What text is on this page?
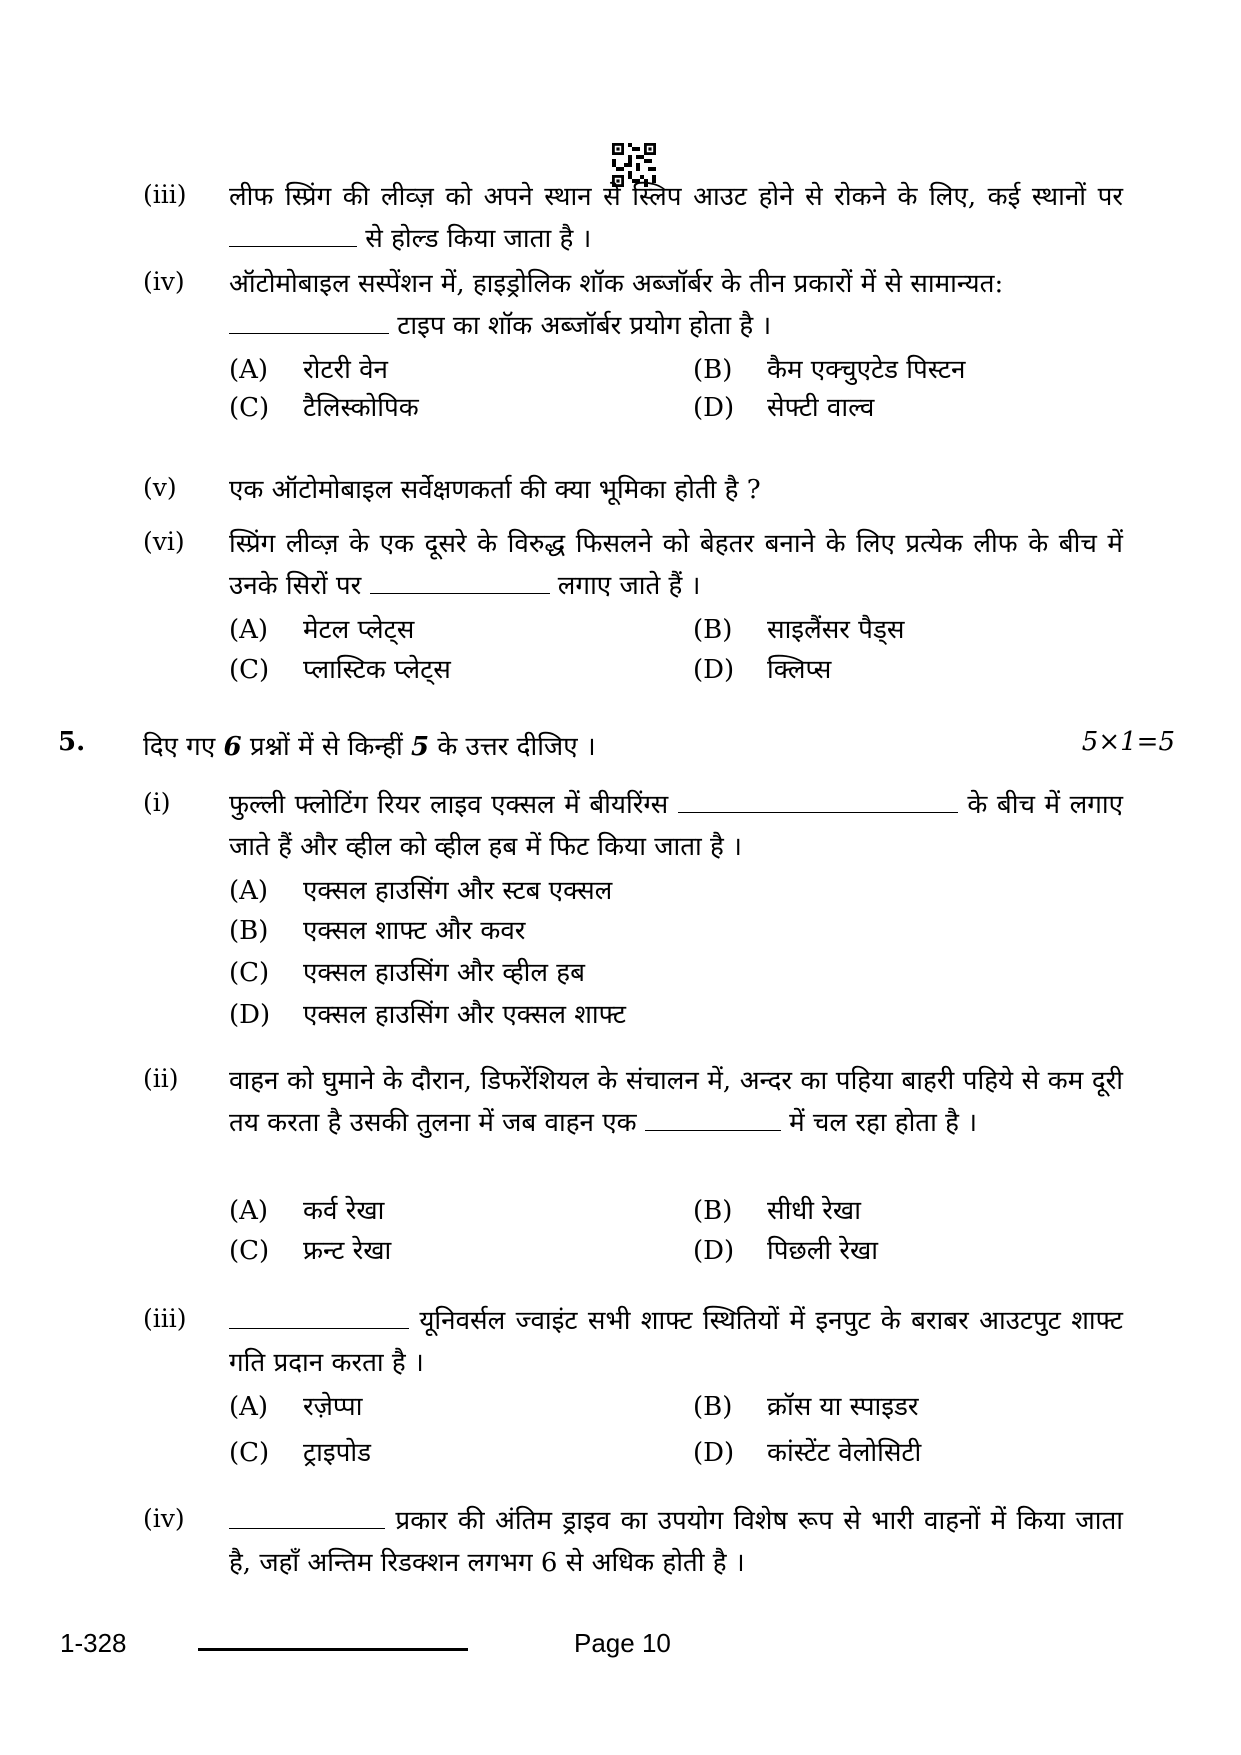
(iii) लीफ स्प्रिंग की लीव्ज़ को अपने स्थान से स्लिप आउट होने से रोकने के लिए, कई स्थानों पर  से होल्ड किया जाता है ।
(iv) ऑटोमोबाइल सस्पेंशन में, हाइड्रोलिक शॉक अब्जॉर्बर के तीन प्रकारों में से सामान्यत:
टाइप का शॉक अब्जॉर्बर प्रयोग होता है ।
(A) रोटरी वेन	(B) कैम एक्चुएटेड पिस्टन
(C) टैलिस्कोपिक	(D) सेफ्टी वाल्व
(v) एक ऑटोमोबाइल सर्वेक्षणकर्ता की क्या भूमिका होती है ?
(vi) स्प्रिंग लीव्ज़ के एक दूसरे के विरुद्ध फिसलने को बेहतर बनाने के लिए प्रत्येक लीफ के बीच में उनके सिरों पर	लगाए जाते हैं ।
(A) मेटल प्लेट्स	(B) साइलैंसर पैड्स
(C) प्लास्टिक प्लेट्स	(D) क्लिप्स
5. दिए गए 6 प्रश्नों में से किन्हीं 5 के उत्तर दीजिए ।	5×1=5
(i) फुल्ली फ्लोटिंग रियर लाइव एक्सल में बीयरिंग्स	के बीच में लगाए जाते हैं और व्हील को व्हील हब में फिट किया जाता है ।
(A) एक्सल हाउसिंग और स्टब एक्सल
(B) एक्सल शाफ्ट और कवर
(C) एक्सल हाउसिंग और व्हील हब
(D) एक्सल हाउसिंग और एक्सल शाफ्ट
(ii) वाहन को घुमाने के दौरान, डिफरेंशियल के संचालन में, अन्दर का पहिया बाहरी पहिये से कम दूरी तय करता है उसकी तुलना में जब वाहन एक	में चल रहा होता है ।
(A) कर्व रेखा	(B) सीधी रेखा
(C) फ्रन्ट रेखा	(D) पिछली रेखा
(iii)	यूनिवर्सल ज्वाइंट सभी शाफ्ट स्थितियों में इनपुट के बराबर आउटपुट शाफ्ट गति प्रदान करता है ।
(A) रज़ेप्पा	(B) क्रॉस या स्पाइडर
(C) ट्राइपोड	(D) कांस्टेंट वेलोसिटी
(iv)	प्रकार की अंतिम ड्राइव का उपयोग विशेष रूप से भारी वाहनों में किया जाता है, जहाँ अन्तिम रिडक्शन लगभग 6 से अधिक होती है ।
1-328	Page 10
